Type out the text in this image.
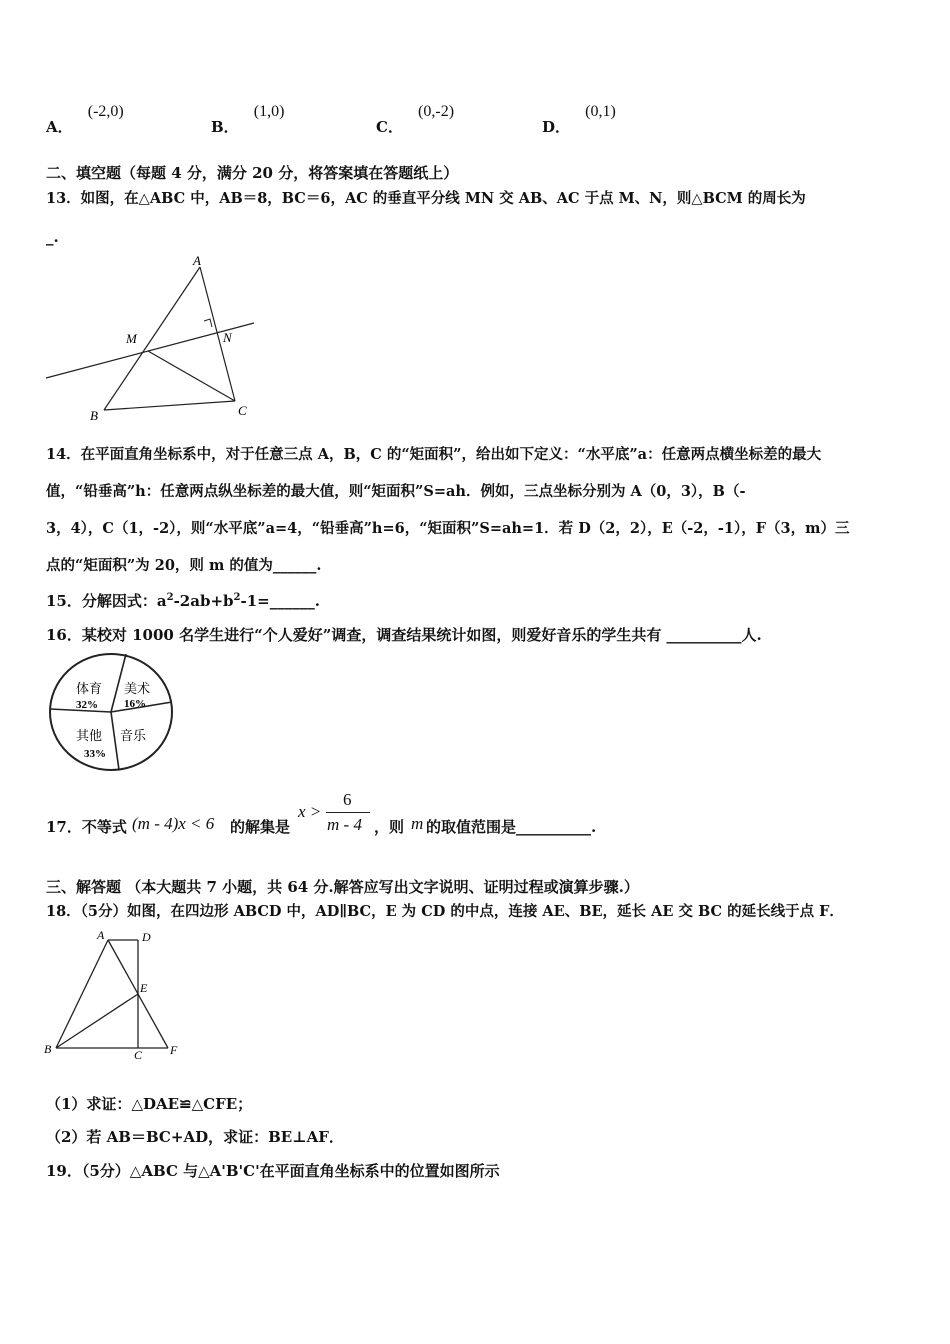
A． (-2,0)
B． (1,0)
C． (0,-2)
D． (0,1)
二、填空题（每题 4 分，满分 20 分，将答案填在答题纸上）
13．如图，在△ABC 中，AB＝8，BC＝6，AC 的垂直平分线 MN 交 AB、AC 于点 M、N，则△BCM 的周长为
_.
A
M	N
B	C
14．在平面直角坐标系中，对于任意三点 A，B，C 的“矩面积”，给出如下定义：“水平底”a：任意两点横坐标差的最大
值，“铅垂高”h：任意两点纵坐标差的最大值，则“矩面积”S=ah．例如，三点坐标分别为 A（0，3），B（-
3，4），C（1，-2），则“水平底”a=4，“铅垂高”h=6，“矩面积”S=ah=1．若 D（2，2），E（-2，-1），F（3，m）三
点的“矩面积”为 20，则 m 的值为______.
15．分解因式：$a^2-2ab+b^2-1=\_\_\_\_\_\_$.
16．某校对 1000 名学生进行“个人爱好”调查，调查结果统计如图，则爱好音乐的学生共有 __________人.
体育
32%
美术
16%
其他
33%
音乐
17．不等式 (m - 4)x < 6 的解集是
x >
6
m - 4 ，则 m 的取值范围是__________.
三、解答题 （本大题共 7 小题，共 64 分.解答应写出文字说明、证明过程或演算步骤.）
18．（5分）如图，在四边形 ABCD 中，AD∥BC，E 为 CD 的中点，连接 AE、BE，延长 AE 交 BC 的延长线于点 F．
A	D
E
B	C F
（1）求证：△DAE≌△CFE；
（2）若 AB＝BC+AD，求证：BE⊥AF．
19．（5分）△ABC 与△A'B'C'在平面直角坐标系中的位置如图所示
